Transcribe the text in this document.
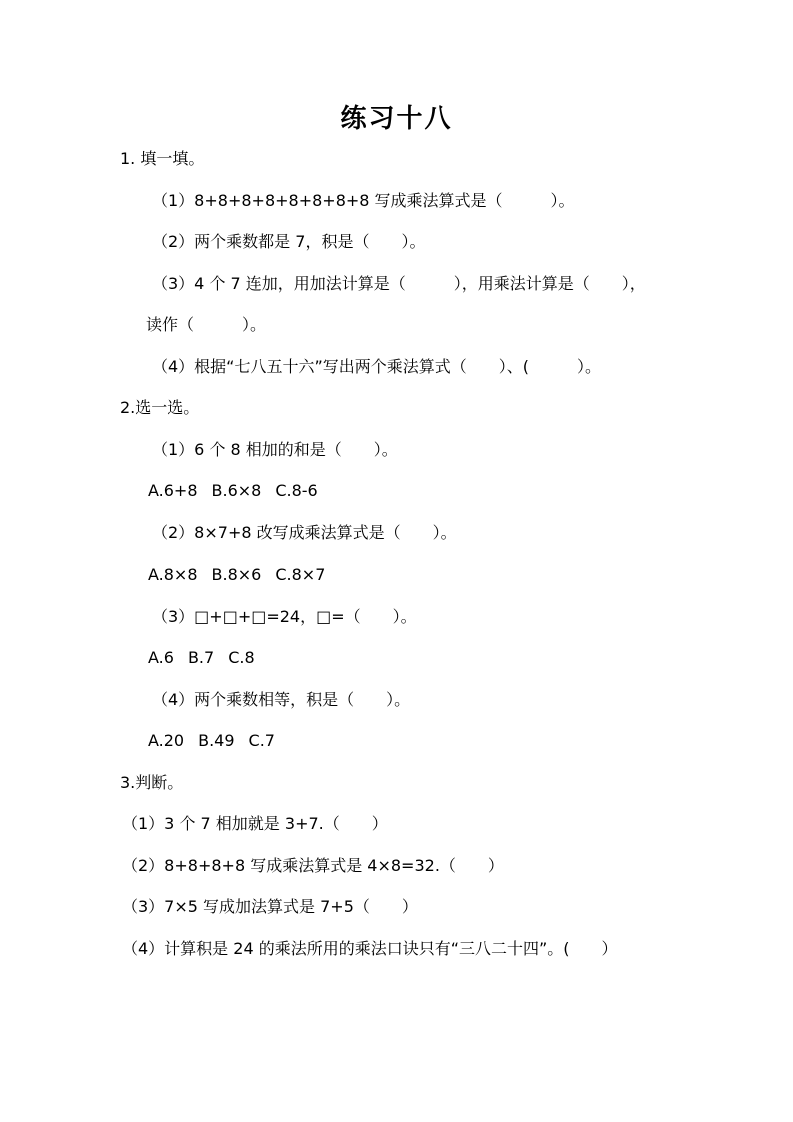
练习十八
1. 填一填。
（1）8+8+8+8+8+8+8+8 写成乘法算式是（　　　）。
（2）两个乘数都是 7，积是（　　）。
（3）4 个 7 连加，用加法计算是（　　　），用乘法计算是（　　），
读作（　　　）。
（4）根据“七八五十六”写出两个乘法算式（　　）、(　　　）。
2.选一选。
（1）6 个 8 相加的和是（　　）。
A.6+8 B.6×8 C.8-6
（2）8×7+8 改写成乘法算式是（　　）。
A.8×8 B.8×6 C.8×7
（3）□+□+□=24，□=（　　）。
A.6 B.7 C.8
（4）两个乘数相等，积是（　　）。
A.20 B.49 C.7
3.判断。
（1）3 个 7 相加就是 3+7.（　　）
（2）8+8+8+8 写成乘法算式是 4×8=32.（　　）
（3）7×5 写成加法算式是 7+5（　　）
（4）计算积是 24 的乘法所用的乘法口诀只有“三八二十四”。(　　）
